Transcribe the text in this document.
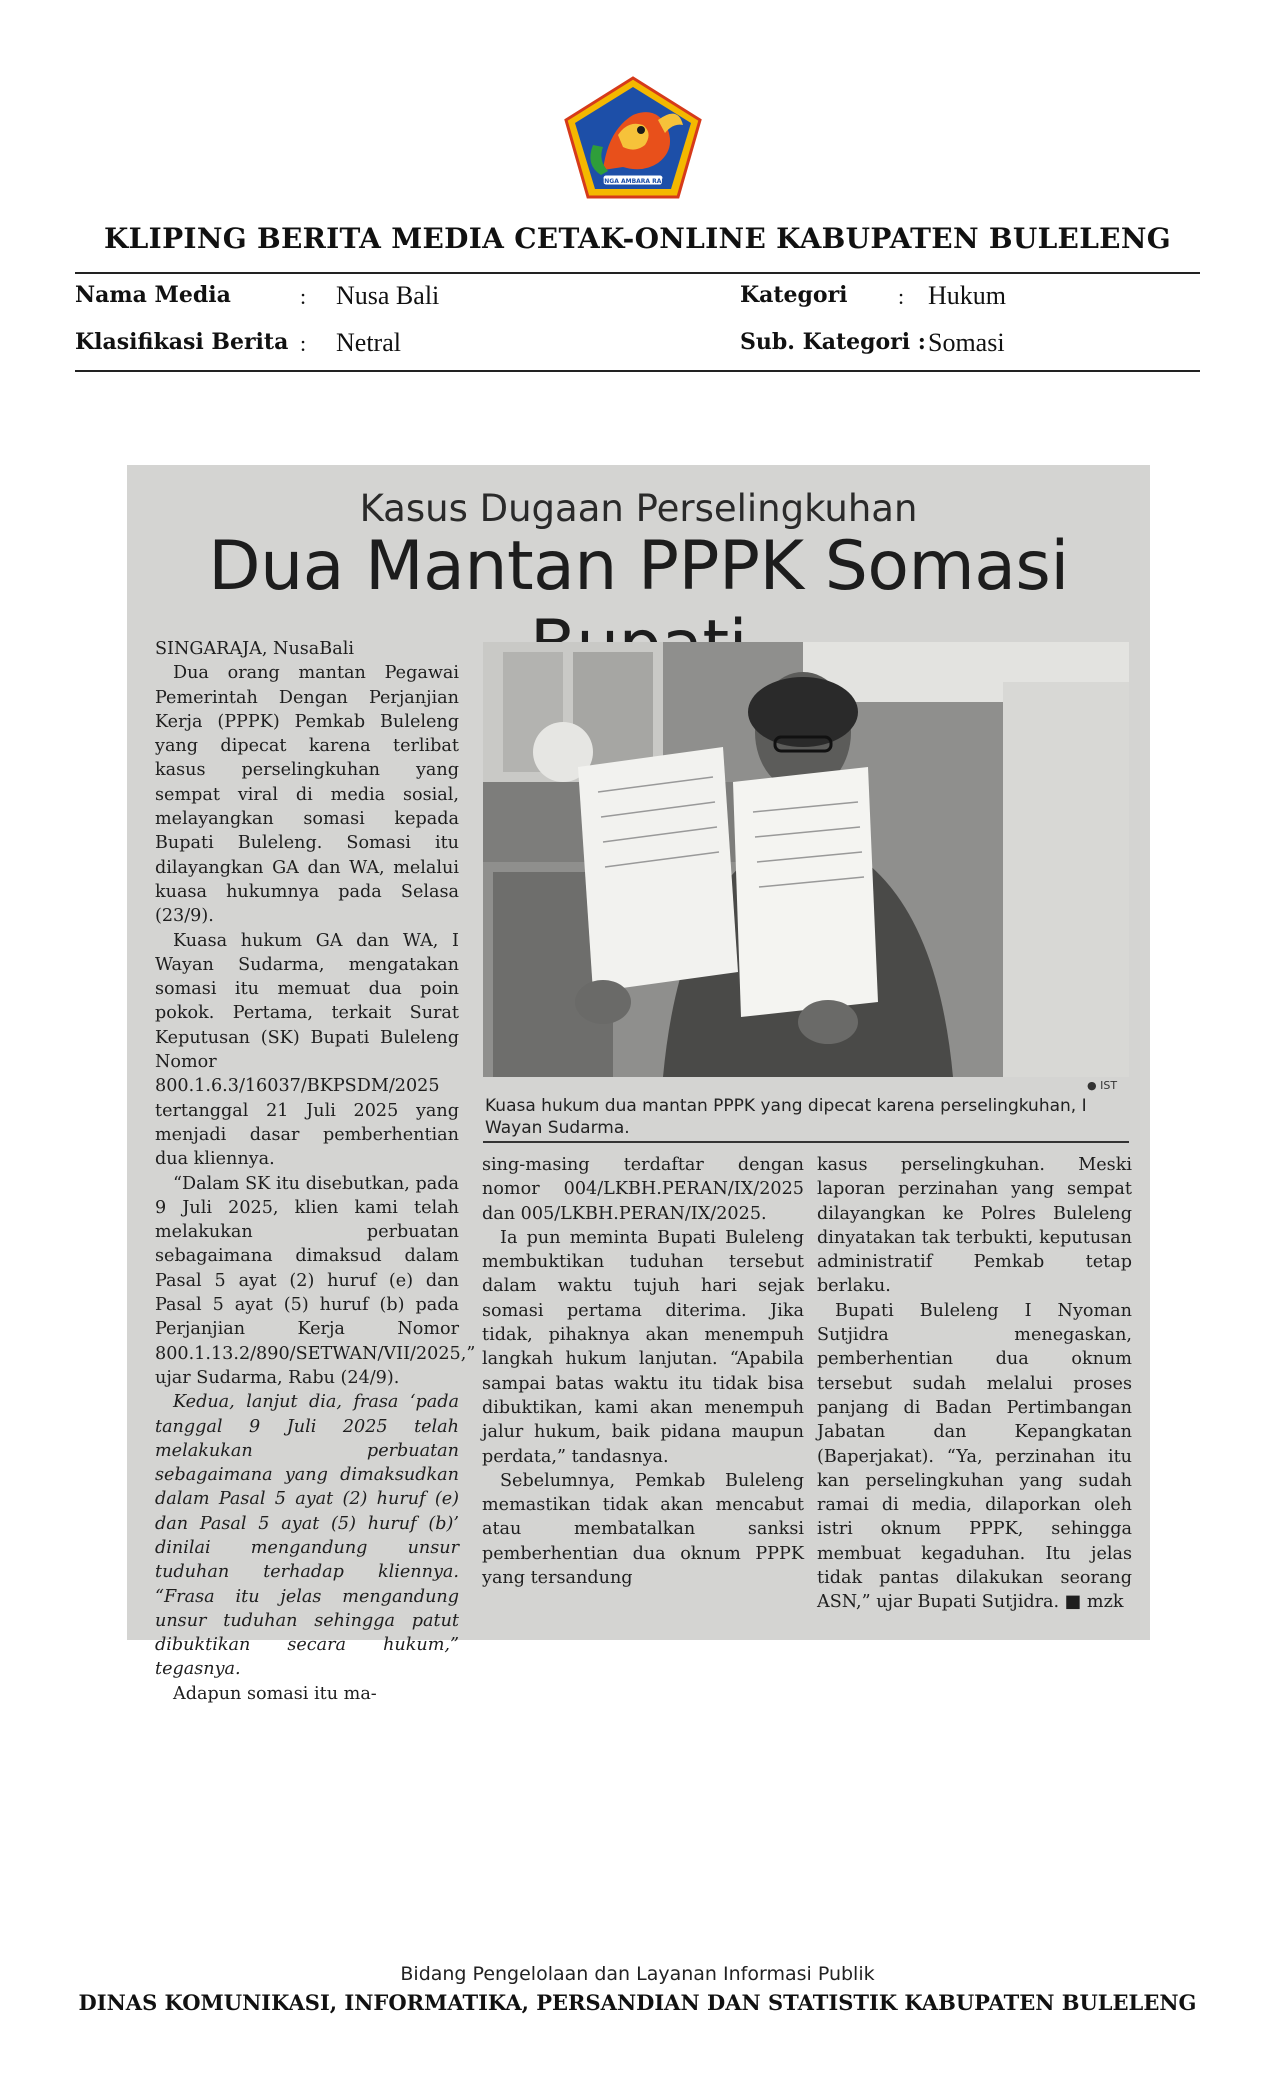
SINGA AMBARA RAJA
KLIPING BERITA MEDIA CETAK-ONLINE KABUPATEN BULELENG
Nama Media	: Nusa Bali
Klasifikasi Berita : Netral
Kategori : Hukum
Sub. Kategori : Somasi
Kasus Dugaan Perselingkuhan
Dua Mantan PPPK Somasi

SINGARAJA, NusaBali

Dua orang mantan Pegawai Pemerintah Dengan Perjanjian Kerja (PPPK) Pemkab Buleleng yang dipecat karena terlibat kasus perselingkuhan yang sempat viral di media sosial, melayangkan somasi kepada Bupati Buleleng. Somasi itu dilayangkan GA dan WA, melalui kuasa hukumnya pada Selasa (23/9).

Kuasa hukum GA dan WA, I Wayan Sudarma, mengatakan somasi itu memuat dua poin pokok. Pertama, terkait Surat Keputusan (SK) Bupati Buleleng Nomor 800.1.6.3/16037/BKPSDM/2025 tertanggal 21 Juli 2025 yang menjadi dasar pemberhentian dua kliennya.

“Dalam SK itu disebutkan, pada 9 Juli 2025, klien kami telah melakukan perbuatan sebagaimana dimaksud dalam Pasal 5 ayat (2) huruf (e) dan Pasal 5 ayat (5) huruf (b) pada Perjanjian Kerja Nomor 800.1.13.2/890/SETWAN/VII/2025,” ujar Sudarma, Rabu (24/9).

Kedua, lanjut dia, frasa ‘pada tanggal 9 Juli 2025 telah melakukan perbuatan sebagaimana yang dimaksudkan dalam Pasal 5 ayat (2) huruf (e) dan Pasal 5 ayat (5) huruf (b)’ dinilai mengandung unsur tuduhan terhadap kliennya. “Frasa itu jelas mengandung unsur tuduhan sehingga patut dibuktikan secara hukum,” tegasnya.

Adapun somasi itu ma-

● IST
Kuasa hukum dua mantan PPPK yang dipecat karena perselingkuhan, I Wayan Sudarma.

sing-masing terdaftar dengan nomor 004/LKBH.PERAN/IX/2025 dan 005/LKBH.PERAN/IX/2025.

Ia pun meminta Bupati Buleleng membuktikan tuduhan tersebut dalam waktu tujuh hari sejak somasi pertama diterima. Jika tidak, pihaknya akan menempuh langkah hukum lanjutan. “Apabila sampai batas waktu itu tidak bisa dibuktikan, kami akan menempuh jalur hukum, baik pidana maupun perdata,” tandasnya.

Sebelumnya, Pemkab Buleleng memastikan tidak akan mencabut atau membatalkan sanksi pemberhentian dua oknum PPPK yang tersandung

kasus perselingkuhan. Meski laporan perzinahan yang sempat dilayangkan ke Polres Buleleng dinyatakan tak terbukti, keputusan administratif Pemkab tetap berlaku.

Bupati Buleleng I Nyoman Sutjidra menegaskan, pemberhentian dua oknum tersebut sudah melalui proses panjang di Badan Pertimbangan Jabatan dan Kepangkatan (Baperjakat). “Ya, perzinahan itu kan perselingkuhan yang sudah ramai di media, dilaporkan oleh istri oknum PPPK, sehingga membuat kegaduhan. Itu jelas tidak pantas dilakukan seorang ASN,” ujar Bupati Sutjidra. ■ mzk

Bidang Pengelolaan dan Layanan Informasi Publik
DINAS KOMUNIKASI, INFORMATIKA, PERSANDIAN DAN STATISTIK KABUPATEN BULELENG
